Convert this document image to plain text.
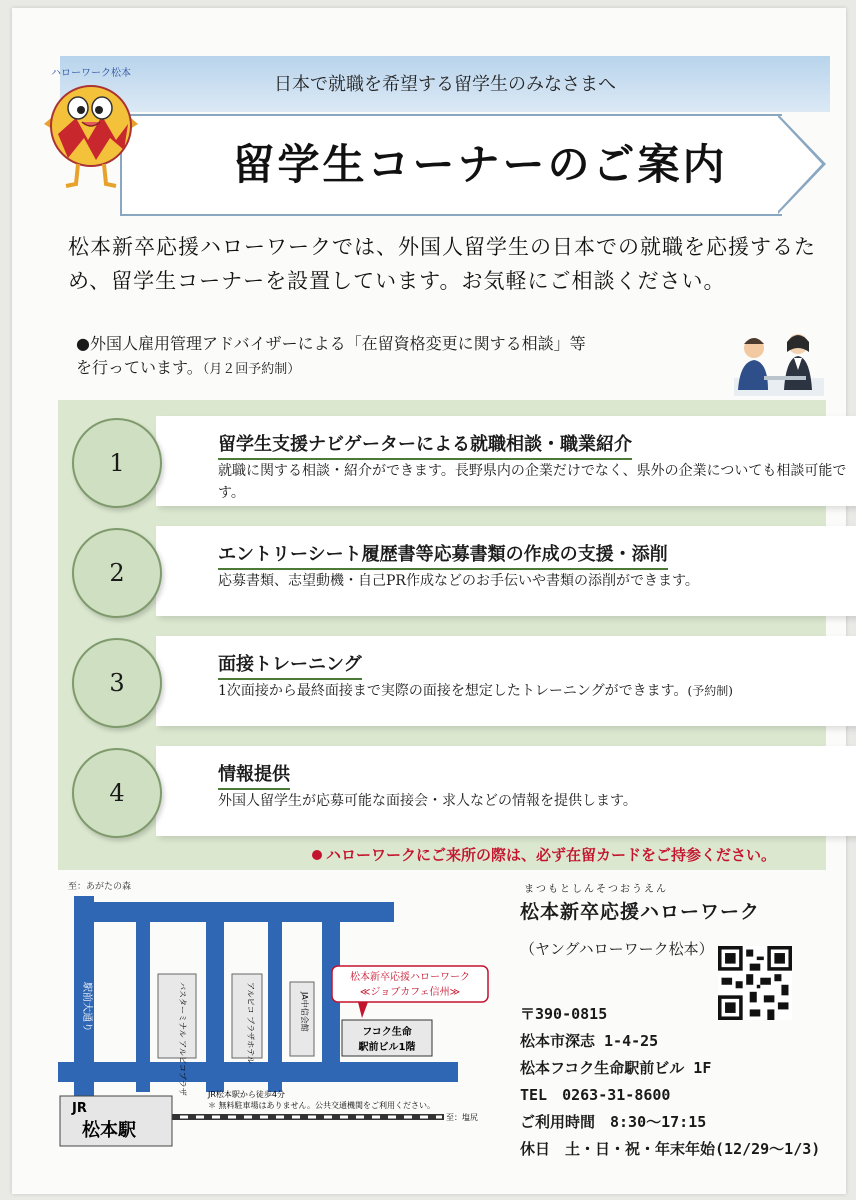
日本で就職を希望する留学生のみなさまへ
留学生コーナーのご案内
ハローワーク松本
松本新卒応援ハローワークでは、外国人留学生の日本での就職を応援するため、留学生コーナーを設置しています。お気軽にご相談ください。
●外国人雇用管理アドバイザーによる「在留資格変更に関する相談」等
を行っています。（月２回予約制）
留学生支援ナビゲーターによる就職相談・職業紹介
就職に関する相談・紹介ができます。長野県内の企業だけでなく、県外の企業についても相談可能です。
1
エントリーシート履歴書等応募書類の作成の支援・添削
応募書類、志望動機・自己PR作成などのお手伝いや書類の添削ができます。
2
面接トレーニング
1次面接から最終面接まで実際の面接を想定したトレーニングができます。(予約制)
3
情報提供
外国人留学生が応募可能な面接会・求人などの情報を提供します。
4
ハローワークにご来所の際は、必ず在留カードをご持参ください。
至：あがたの森
駅前大通り	バスターミナル アルピコプラザ	アルピコ プラザホテル	JA中信会館
松本新卒応援ハローワーク
≪ジョブカフェ信州≫
フコク生命
駅前ビル1階
JR松本駅から徒歩4分
＊ 無料駐車場はありません。公共交通機関をご利用ください。
至：塩尻
JR
松本駅
まつもとしんそつおうえん
松本新卒応援ハローワーク
（ヤングハローワーク松本）
〒390-0815
松本市深志 1-4-25
松本フコク生命駅前ビル 1F
TEL　0263-31-8600
ご利用時間　8:30〜17:15
休日　土・日・祝・年末年始(12/29〜1/3)
